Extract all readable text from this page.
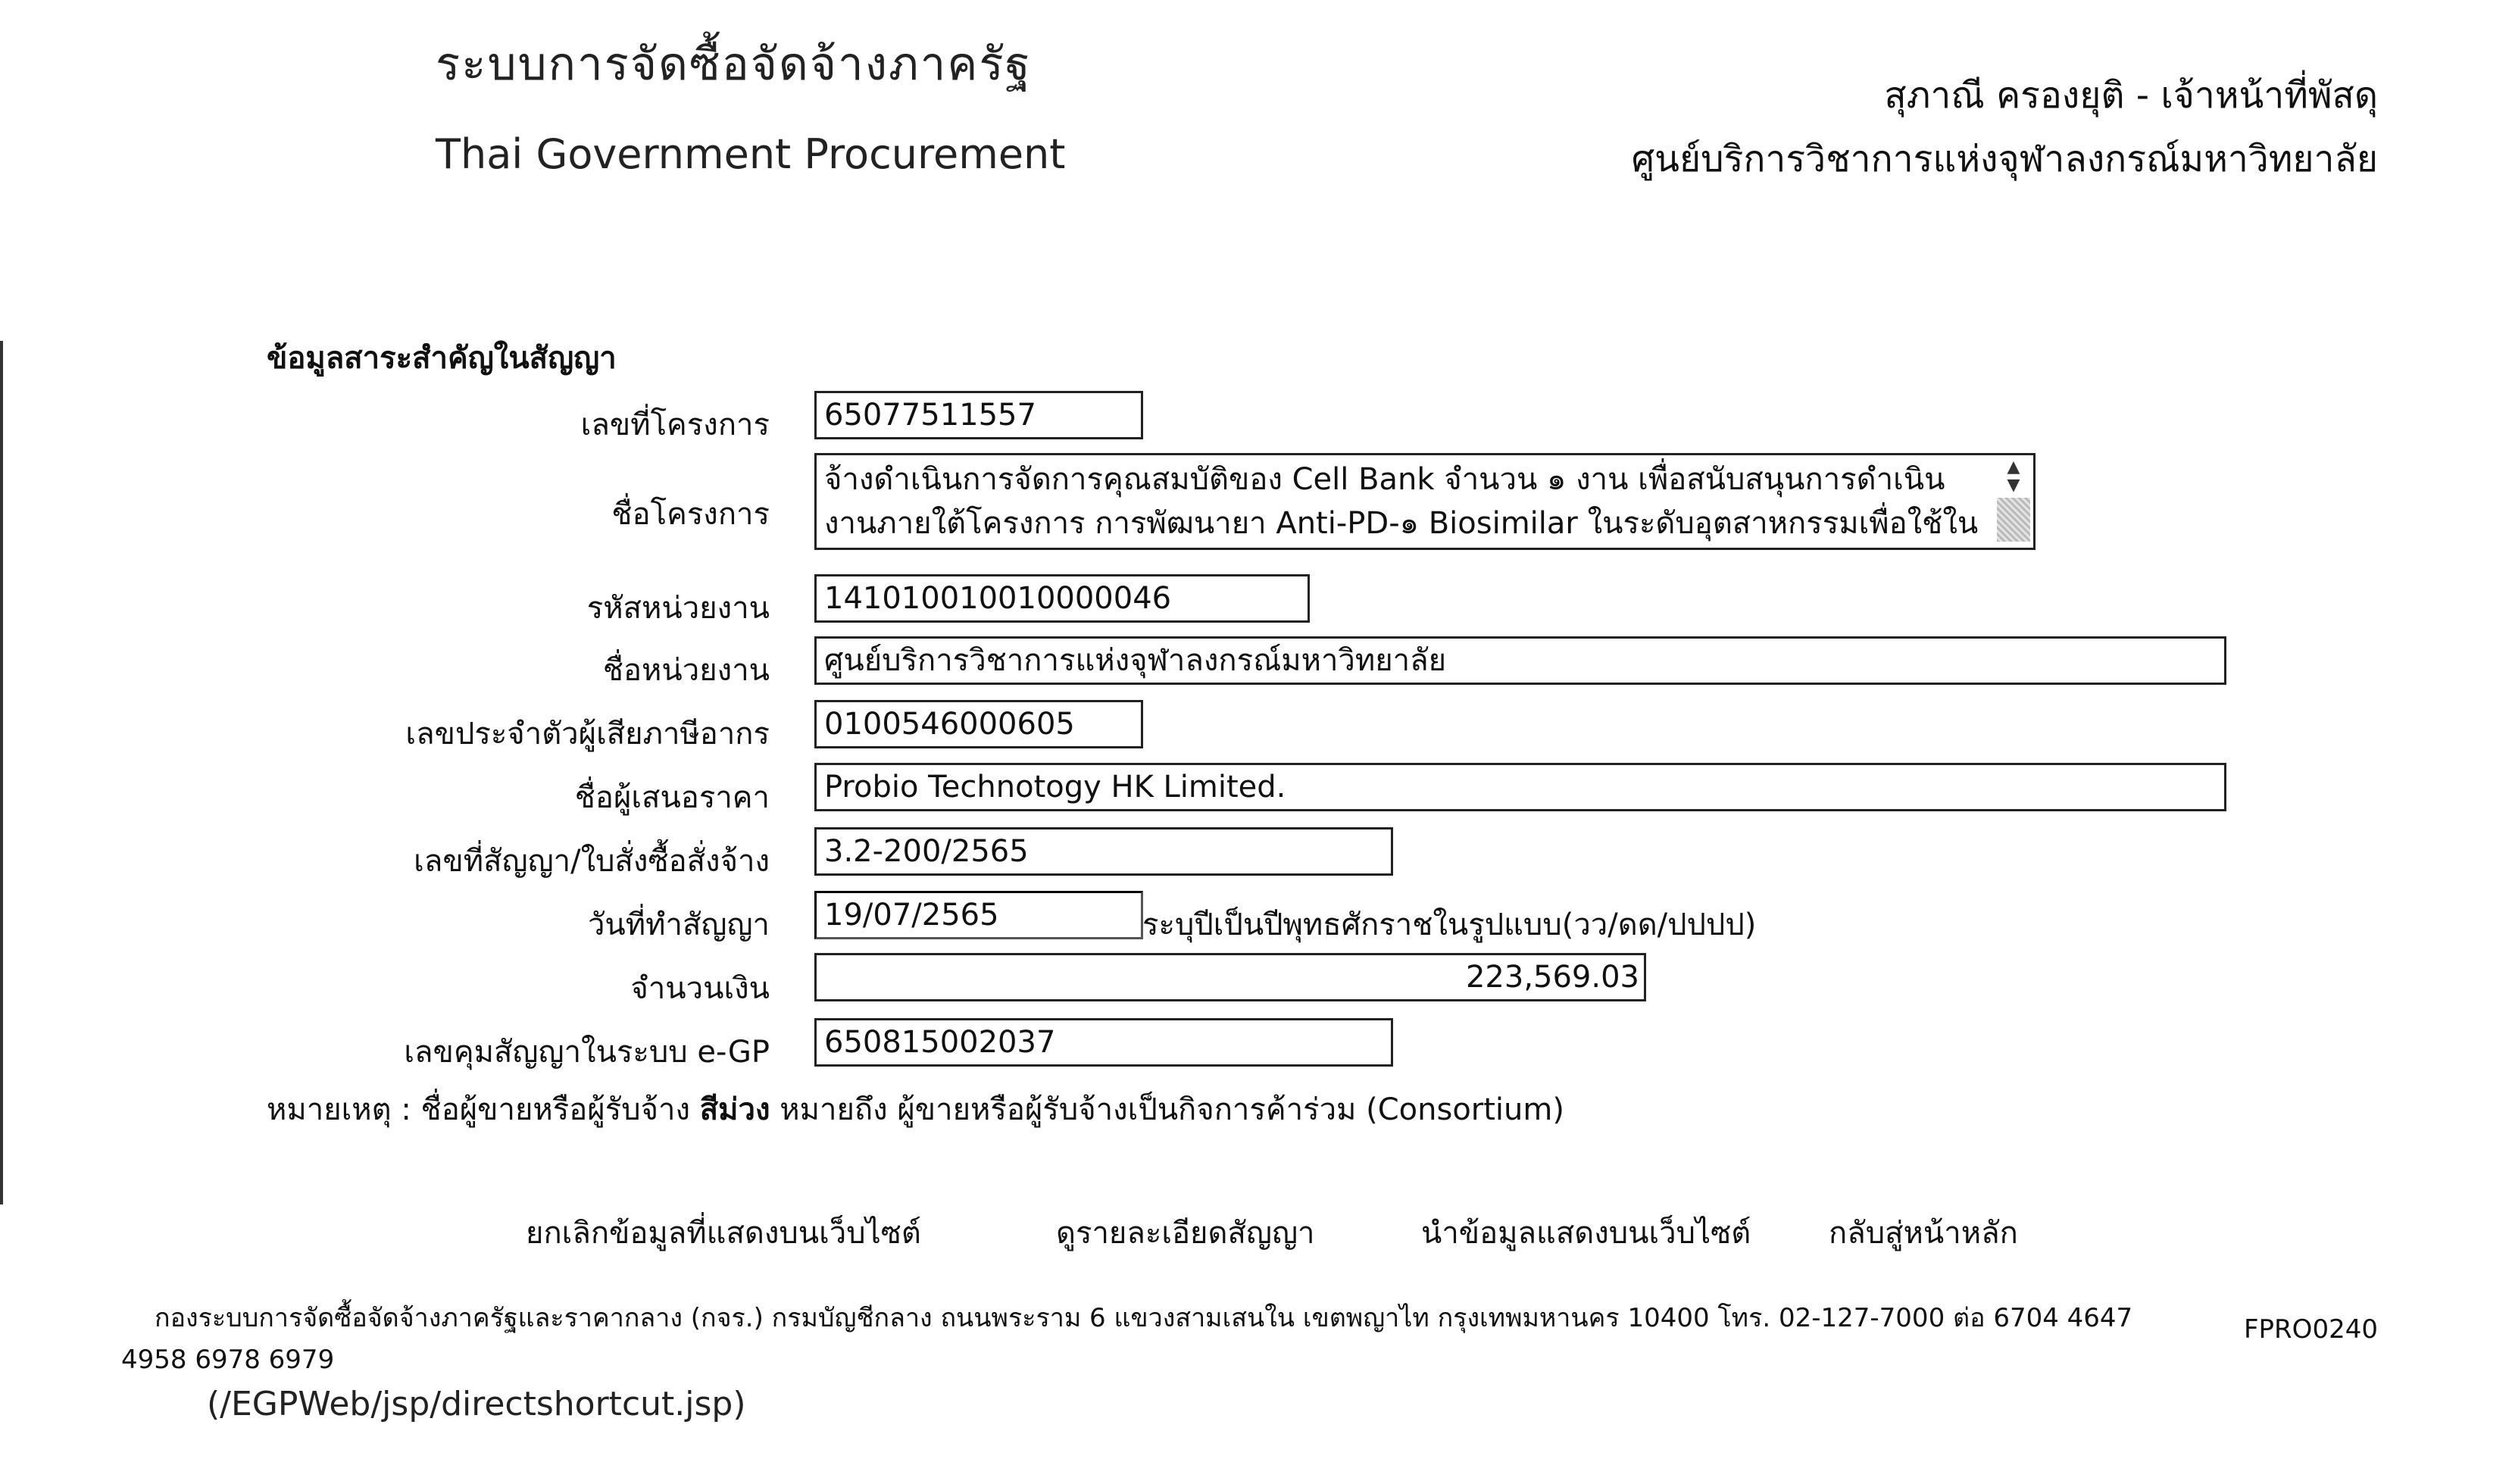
ระบบการจัดซื้อจัดจ้างภาครัฐ
Thai Government Procurement
สุภาณี ครองยุติ - เจ้าหน้าที่พัสดุ
ศูนย์บริการวิชาการแห่งจุฬาลงกรณ์มหาวิทยาลัย
ข้อมูลสาระสำคัญในสัญญา
เลขที่โครงการ	65077511557
ชื่อโครงการ
จ้างดำเนินการจัดการคุณสมบัติของ Cell Bank จำนวน ๑ งาน เพื่อสนับสนุนการดำเนิน
งานภายใต้โครงการ การพัฒนายา Anti-PD-๑ Biosimilar ในระดับอุตสาหกรรมเพื่อใช้ใน
▲
▼
รหัสหน่วยงาน	141010010010000046
ชื่อหน่วยงาน	ศูนย์บริการวิชาการแห่งจุฬาลงกรณ์มหาวิทยาลัย
เลขประจำตัวผู้เสียภาษีอากร	0100546000605
ชื่อผู้เสนอราคา	Probio Technotogy HK Limited.
เลขที่สัญญา/ใบสั่งซื้อสั่งจ้าง	3.2-200/2565
วันที่ทำสัญญา	19/07/2565	ระบุปีเป็นปีพุทธศักราชในรูปแบบ(วว/ดด/ปปปป)
จำนวนเงิน	223,569.03
เลขคุมสัญญาในระบบ e-GP	650815002037
หมายเหตุ : ชื่อผู้ขายหรือผู้รับจ้าง สีม่วง หมายถึง ผู้ขายหรือผู้รับจ้างเป็นกิจการค้าร่วม (Consortium)
ยกเลิกข้อมูลที่แสดงบนเว็บไซต์	ดูรายละเอียดสัญญา	นำข้อมูลแสดงบนเว็บไซต์	กลับสู่หน้าหลัก
กองระบบการจัดซื้อจัดจ้างภาครัฐและราคากลาง (กจร.) กรมบัญชีกลาง ถนนพระราม 6 แขวงสามเสนใน เขตพญาไท กรุงเทพมหานคร 10400 โทร. 02-127-7000 ต่อ 6704 4647
4958 6978 6979
FPRO0240
(/EGPWeb/jsp/directshortcut.jsp)
